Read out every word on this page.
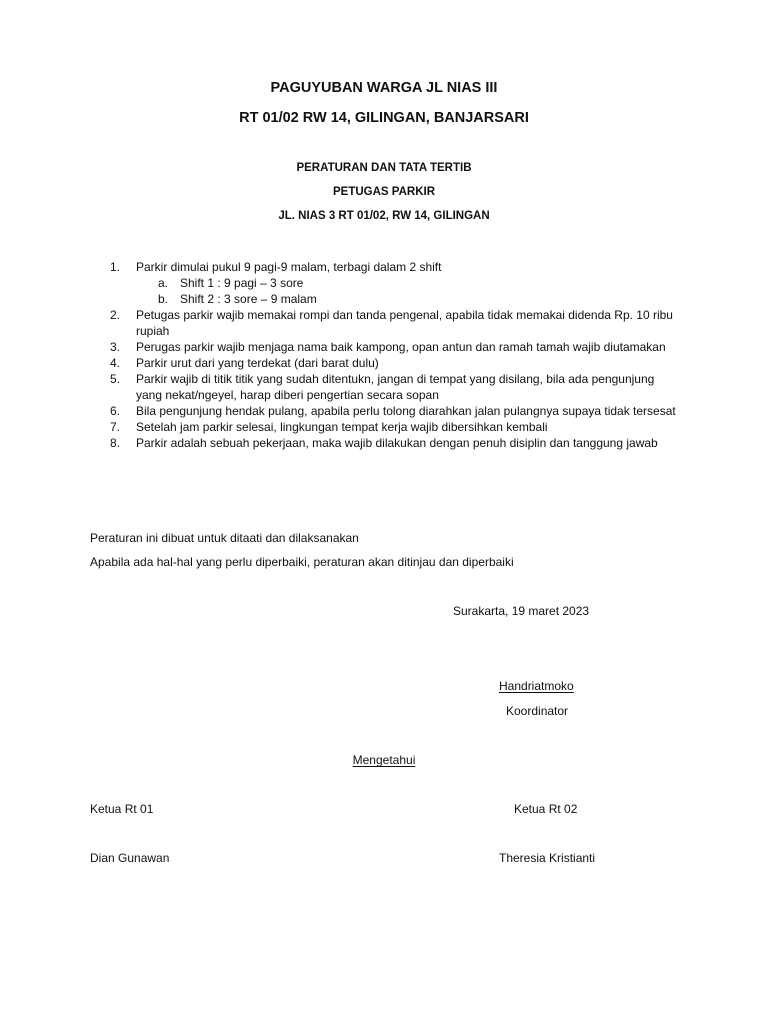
PAGUYUBAN WARGA JL NIAS III
RT 01/02 RW 14, GILINGAN, BANJARSARI
PERATURAN DAN TATA TERTIB
PETUGAS PARKIR
JL. NIAS 3 RT 01/02, RW 14, GILINGAN
1.	Parkir dimulai pukul 9 pagi-9 malam, terbagi dalam 2 shift
a. Shift 1 : 9 pagi – 3 sore
b. Shift 2 : 3 sore – 9 malam
2.	Petugas parkir wajib memakai rompi dan tanda pengenal, apabila tidak memakai didenda Rp. 10 ribu rupiah
3.	Perugas parkir wajib menjaga nama baik kampong, opan antun dan ramah tamah wajib diutamakan
4.	Parkir urut dari yang terdekat (dari barat dulu)
5.	Parkir wajib di titik titik yang sudah ditentukn, jangan di tempat yang disilang, bila ada pengunjung yang nekat/ngeyel, harap diberi pengertian secara sopan
6.	Bila pengunjung hendak pulang, apabila perlu tolong diarahkan jalan pulangnya supaya tidak tersesat
7.	Setelah jam parkir selesai, lingkungan tempat kerja wajib dibersihkan kembali
8.	Parkir adalah sebuah pekerjaan, maka wajib dilakukan dengan penuh disiplin dan tanggung jawab
Peraturan ini dibuat untuk ditaati dan dilaksanakan
Apabila ada hal-hal yang perlu diperbaiki, peraturan akan ditinjau dan diperbaiki
Surakarta, 19 maret 2023
Handriatmoko
Koordinator
Mengetahui
Ketua Rt 01	Ketua Rt 02
Dian Gunawan	Theresia Kristianti
